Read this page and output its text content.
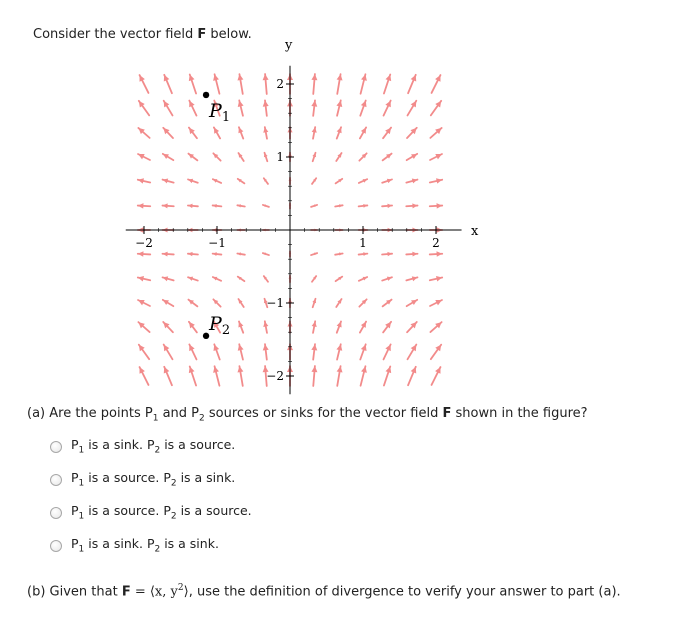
Consider the vector field F below.
−2	−1	1	2
2
1
−1
−2
x
y
$P_1$
$P_2$
(a) Are the points $P_1$ and $P_2$ sources or sinks for the vector field F shown in the figure?
$P_1$ is a sink. $P_2$ is a source.
$P_1$ is a source. $P_2$ is a sink.
$P_1$ is a source. $P_2$ is a source.
$P_1$ is a sink. $P_2$ is a sink.
(b) Given that F = ⟨x, $y^2⟩$, use the definition of divergence to verify your answer to part (a).
